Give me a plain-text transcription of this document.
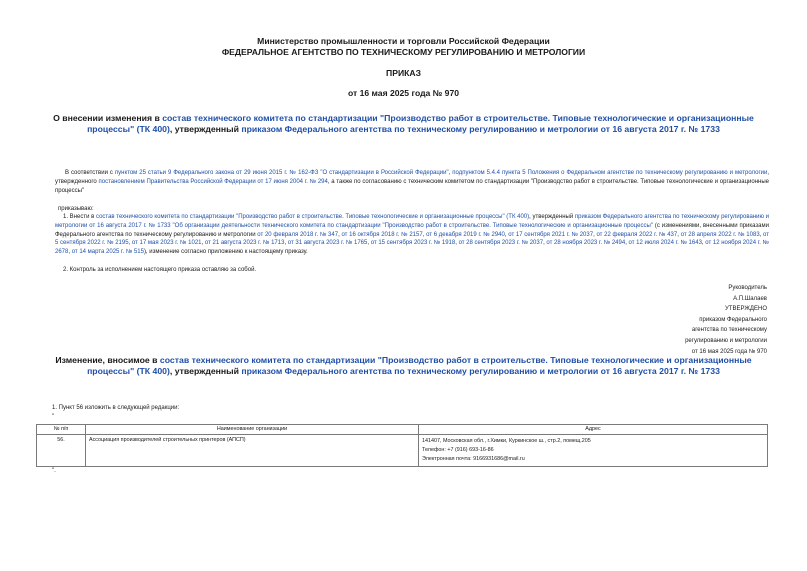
Министерство промышленности и торговли Российской Федерации
ФЕДЕРАЛЬНОЕ АГЕНТСТВО ПО ТЕХНИЧЕСКОМУ РЕГУЛИРОВАНИЮ И МЕТРОЛОГИИ
ПРИКАЗ
от 16 мая 2025 года № 970
О внесении изменения в состав технического комитета по стандартизации "Производство работ в строительстве. Типовые технологические и организационные процессы" (ТК 400), утвержденный приказом Федерального агентства по техническому регулированию и метрологии от 16 августа 2017 г. № 1733
В соответствии с пунктом 25 статьи 9 Федерального закона от 29 июня 2015 г. № 162-ФЗ "О стандартизации в Российской Федерации", подпунктом 5.4.4 пункта 5 Положения о Федеральном агентстве по техническому регулированию и метрологии, утвержденного постановлением Правительства Российской Федерации от 17 июня 2004 г. № 294, а также по согласованию с техническим комитетом по стандартизации "Производство работ в строительстве. Типовые технологические и организационные процессы"
приказываю:
1. Внести в состав технического комитета по стандартизации "Производство работ в строительстве. Типовые технологические и организационные процессы" (ТК 400), утвержденный приказом Федерального агентства по техническому регулированию и метрологии от 16 августа 2017 г. № 1733 "Об организации деятельности технического комитета по стандартизации "Производство работ в строительстве. Типовые технологические и организационные процессы" (с изменениями, внесенными приказами Федерального агентства по техническому регулированию и метрологии от 20 февраля 2018 г. № 347, от 16 октября 2018 г. № 2157, от 6 декабря 2019 г. № 2940, от 17 сентября 2021 г. № 2037, от 22 февраля 2022 г. № 437, от 28 апреля 2022 г. № 1083, от 5 сентября 2022 г. № 2195, от 17 мая 2023 г. № 1021, от 21 августа 2023 г. № 1713, от 31 августа 2023 г. № 1765, от 15 сентября 2023 г. № 1918, от 28 сентября 2023 г. № 2037, от 28 ноября 2023 г. № 2494, от 12 июля 2024 г. № 1643, от 12 ноября 2024 г. № 2678, от 14 марта 2025 г. № 515), изменение согласно приложению к настоящему приказу.
2. Контроль за исполнением настоящего приказа оставляю за собой.
Руководитель
А.П.Шалаев
УТВЕРЖДЕНО
приказом Федерального
агентства по техническому
регулированию и метрологии
от 16 мая 2025 года № 970
Изменение, вносимое в состав технического комитета по стандартизации "Производство работ в строительстве. Типовые технологические и организационные процессы" (ТК 400), утвержденный приказом Федерального агентства по техническому регулированию и метрологии от 16 августа 2017 г. № 1733
1. Пункт 56 изложить в следующей редакции:
"
№ п/п	Наименование организации	Адрес
56.	Ассоциация производителей строительных принтеров (АПСП)	141407, Московская обл., г.Химки, Куркинское ш., стр.2, помещ.205
Телефон: +7 (916) 693-16-86
Электронная почта: 9166931686@mail.ru
".
